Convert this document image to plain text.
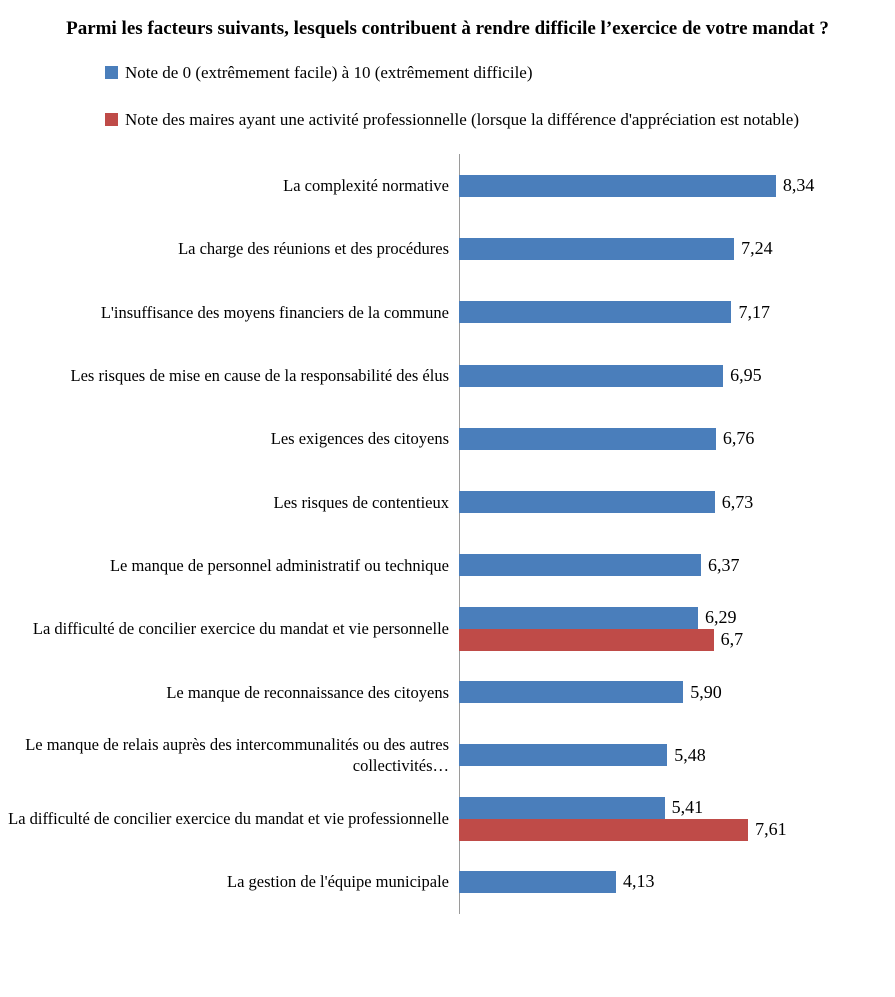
Parmi les facteurs suivants, lesquels contribuent à rendre difficile l’exercice de votre mandat ?
Note de 0 (extrêmement facile) à 10 (extrêmement difficile)
Note des maires ayant une activité professionnelle (lorsque la différence d'appréciation est notable)
La complexité normative	8,34
La charge des réunions et des procédures	7,24
L'insuffisance des moyens financiers de la commune	7,17
Les risques de mise en cause de la responsabilité des élus	6,95
Les exigences des citoyens	6,76
Les risques de contentieux	6,73
Le manque de personnel administratif ou technique	6,37
La difficulté de concilier exercice du mandat et vie personnelle
6,29
6,7
Le manque de reconnaissance des citoyens	5,90
Le manque de relais auprès des intercommunalités ou des autres collectivités…
5,48
La difficulté de concilier exercice du mandat et vie professionnelle
5,41
7,61
La gestion de l'équipe municipale	4,13
